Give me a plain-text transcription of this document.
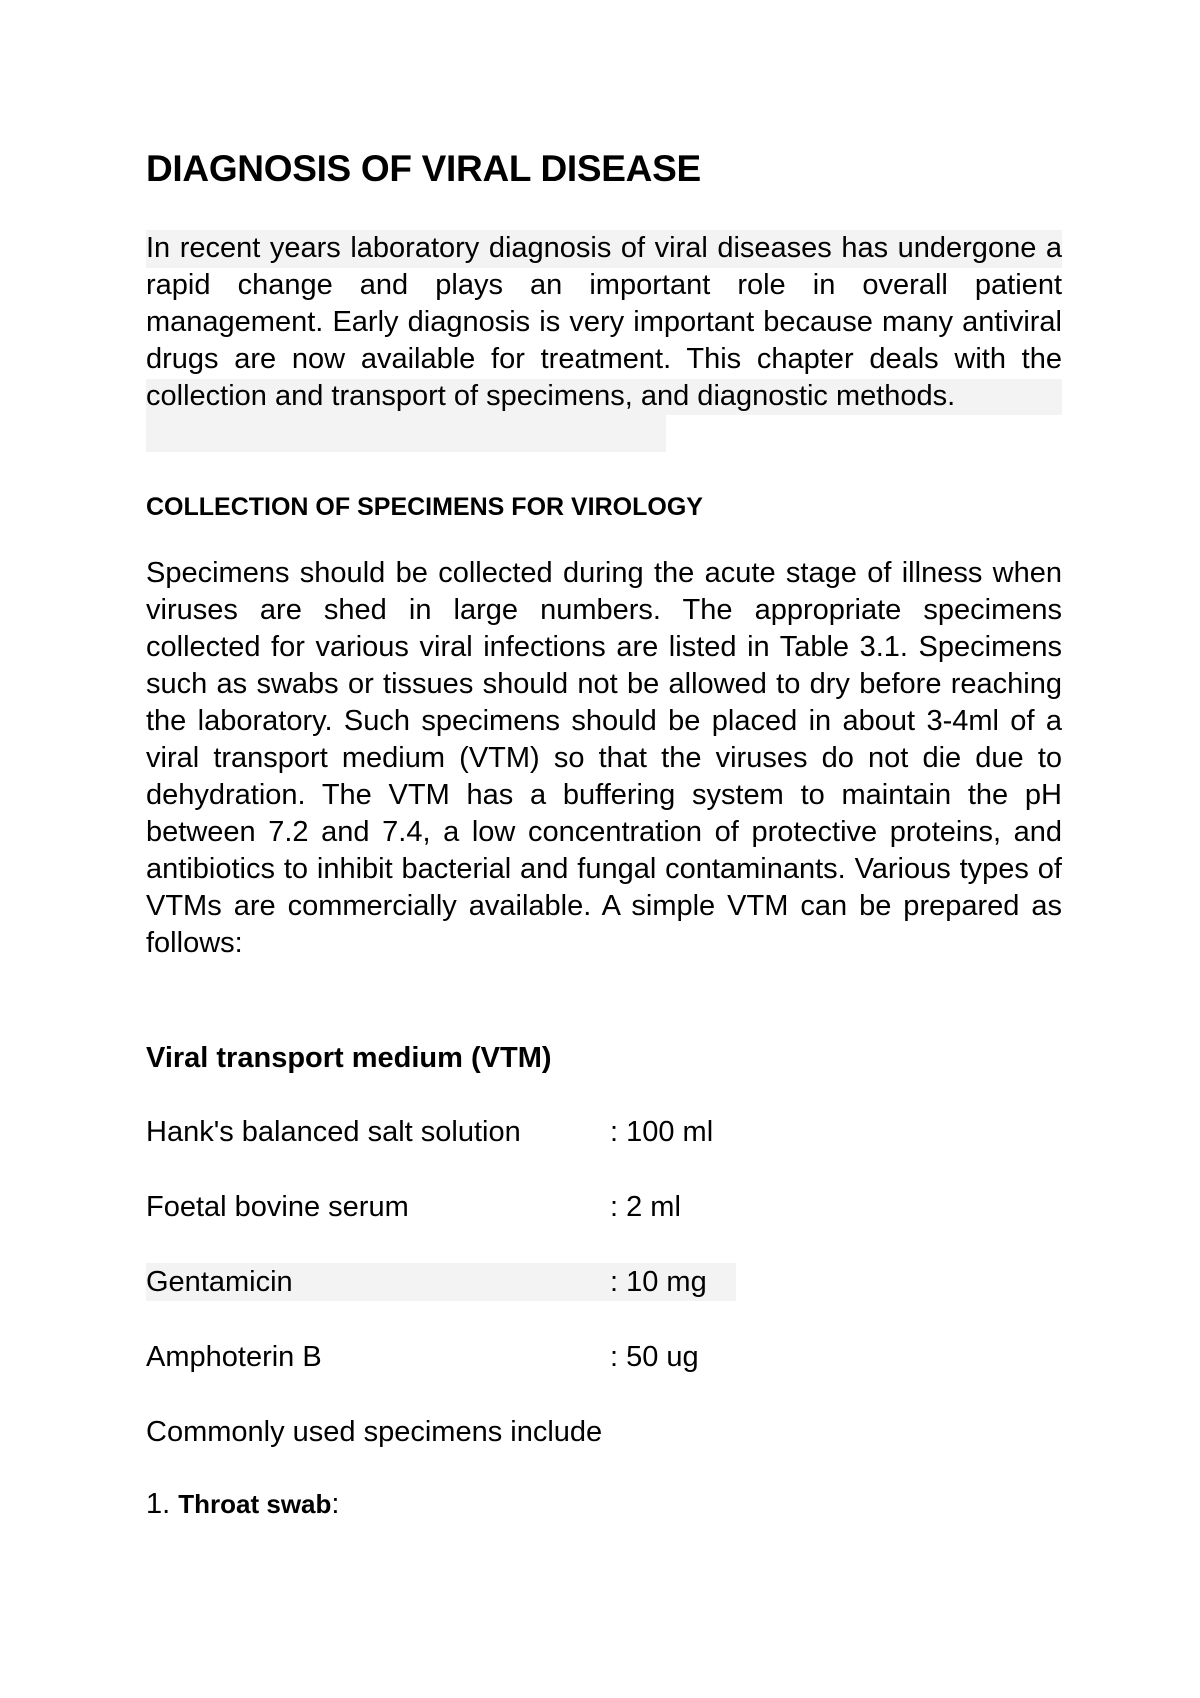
DIAGNOSIS OF VIRAL DISEASE

In recent years laboratory diagnosis of viral diseases has undergone a rapid change and plays an important role in overall patient management. Early diagnosis is very important because many antiviral drugs are now available for treatment. This chapter deals with the collection and transport of specimens, and diagnostic methods.

COLLECTION OF SPECIMENS FOR VIROLOGY

Specimens should be collected during the acute stage of illness when viruses are shed in large numbers. The appropriate specimens collected for various viral infections are listed in Table 3.1. Specimens such as swabs or tissues should not be allowed to dry before reaching the laboratory. Such specimens should be placed in about 3-4ml of a viral transport medium (VTM) so that the viruses do not die due to dehydration. The VTM has a buffering system to maintain the pH between 7.2 and 7.4, a low concentration of protective proteins, and antibiotics to inhibit bacterial and fungal contaminants. Various types of VTMs are commercially available. A simple VTM can be prepared as follows:

Viral transport medium (VTM)
Hank's balanced salt solution	: 100 ml
Foetal bovine serum	: 2 ml
Gentamicin	: 10 mg
Amphoterin B	: 50 ug

Commonly used specimens include

1. Throat swab:
